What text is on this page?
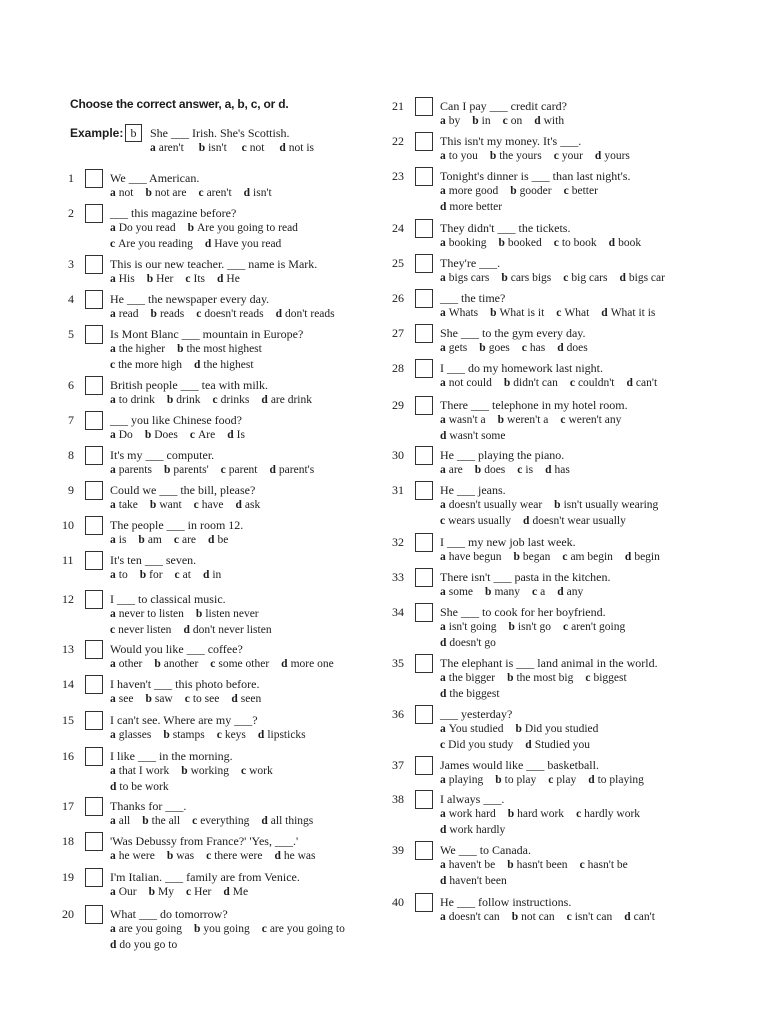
Choose the correct answer, a, b, c, or d.
Example: b	She ___ Irish. She's Scottish.
a aren't b isn't c not d not is
1	We ___ American.
a not b not are c aren't d isn't
2	___ this magazine before?
a Do you read b Are you going to read
c Are you reading d Have you read
3	This is our new teacher. ___ name is Mark.
a His b Her c Its d He
4	He ___ the newspaper every day.
a read b reads c doesn't reads d don't reads
5	Is Mont Blanc ___ mountain in Europe?
a the higher b the most highest
c the more high d the highest
6	British people ___ tea with milk.
a to drink b drink c drinks d are drink
7	___ you like Chinese food?
a Do b Does c Are d Is
8	It's my ___ computer.
a parents b parents' c parent d parent's
9	Could we ___ the bill, please?
a take b want c have d ask
10	The people ___ in room 12.
a is b am c are d be
11	It's ten ___ seven.
a to b for c at d in
12	I ___ to classical music.
a never to listen b listen never
c never listen d don't never listen
13	Would you like ___ coffee?
a other b another c some other d more one
14	I haven't ___ this photo before.
a see b saw c to see d seen
15	I can't see. Where are my ___?
a glasses b stamps c keys d lipsticks
16	I like ___ in the morning.
a that I work b working c work
d to be work
17	Thanks for ___.
a all b the all c everything d all things
18	'Was Debussy from France?' 'Yes, ___.'
a he were b was c there were d he was
19	I'm Italian. ___ family are from Venice.
a Our b My c Her d Me
20	What ___ do tomorrow?
a are you going b you going c are you going to
d do you go to
21	Can I pay ___ credit card?
a by b in c on d with
22	This isn't my money. It's ___.
a to you b the yours c your d yours
23	Tonight's dinner is ___ than last night's.
a more good b gooder c better
d more better
24	They didn't ___ the tickets.
a booking b booked c to book d book
25	They're ___.
a bigs cars b cars bigs c big cars d bigs car
26	___ the time?
a Whats b What is it c What d What it is
27	She ___ to the gym every day.
a gets b goes c has d does
28	I ___ do my homework last night.
a not could b didn't can c couldn't d can't
29	There ___ telephone in my hotel room.
a wasn't a b weren't a c weren't any
d wasn't some
30	He ___ playing the piano.
a are b does c is d has
31	He ___ jeans.
a doesn't usually wear b isn't usually wearing
c wears usually d doesn't wear usually
32	I ___ my new job last week.
a have begun b began c am begin d begin
33	There isn't ___ pasta in the kitchen.
a some b many c a d any
34	She ___ to cook for her boyfriend.
a isn't going b isn't go c aren't going
d doesn't go
35	The elephant is ___ land animal in the world.
a the bigger b the most big c biggest
d the biggest
36	___ yesterday?
a You studied b Did you studied
c Did you study d Studied you
37	James would like ___ basketball.
a playing b to play c play d to playing
38	I always ___.
a work hard b hard work c hardly work
d work hardly
39	We ___ to Canada.
a haven't be b hasn't been c hasn't be
d haven't been
40	He ___ follow instructions.
a doesn't can b not can c isn't can d can't
